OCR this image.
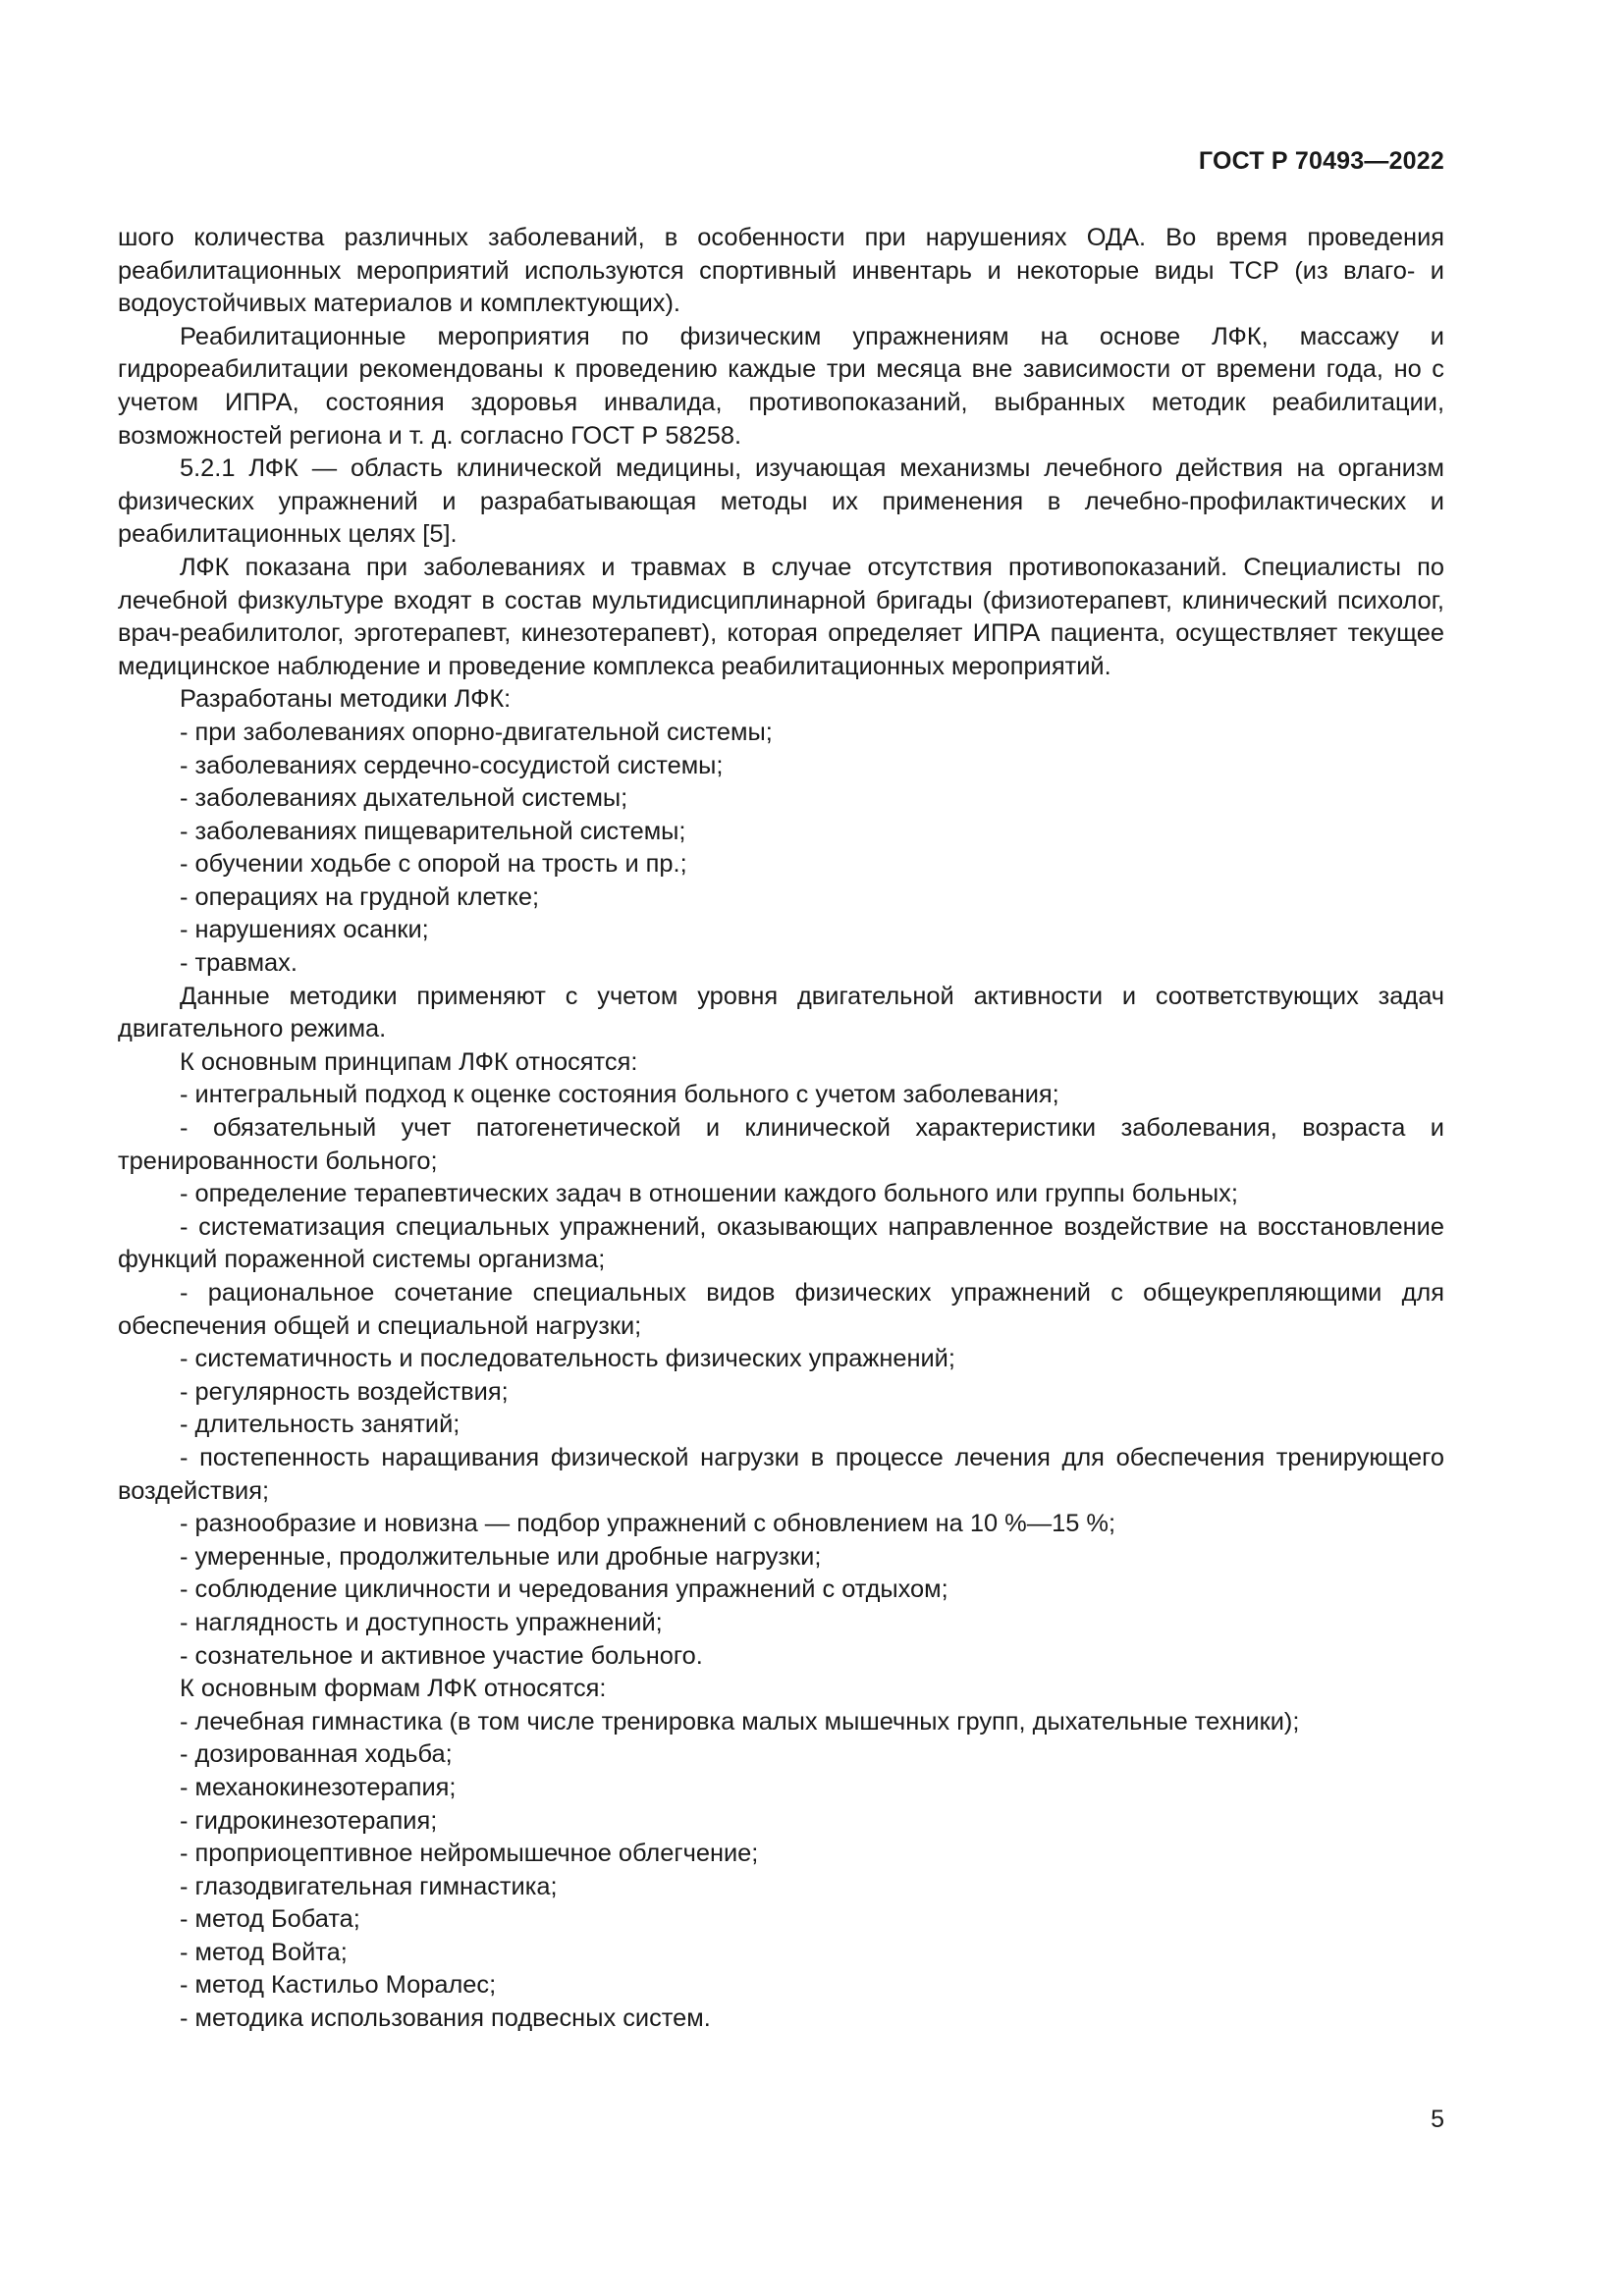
ГОСТ Р 70493—2022

шого количества различных заболеваний, в особенности при нарушениях ОДА. Во время проведения реабилитационных мероприятий используются спортивный инвентарь и некоторые виды ТСР (из влаго- и водоустойчивых материалов и комплектующих).

Реабилитационные мероприятия по физическим упражнениям на основе ЛФК, массажу и гидрореабилитации рекомендованы к проведению каждые три месяца вне зависимости от времени года, но с учетом ИПРА, состояния здоровья инвалида, противопоказаний, выбранных методик реабилитации, возможностей региона и т. д. согласно ГОСТ Р 58258.

5.2.1 ЛФК — область клинической медицины, изучающая механизмы лечебного действия на организм физических упражнений и разрабатывающая методы их применения в лечебно-профилактических и реабилитационных целях [5].

ЛФК показана при заболеваниях и травмах в случае отсутствия противопоказаний. Специалисты по лечебной физкультуре входят в состав мультидисциплинарной бригады (физиотерапевт, клинический психолог, врач-реабилитолог, эрготерапевт, кинезотерапевт), которая определяет ИПРА пациента, осуществляет текущее медицинское наблюдение и проведение комплекса реабилитационных мероприятий.

Разработаны методики ЛФК:

- при заболеваниях опорно-двигательной системы;

- заболеваниях сердечно-сосудистой системы;

- заболеваниях дыхательной системы;

- заболеваниях пищеварительной системы;

- обучении ходьбе с опорой на трость и пр.;

- операциях на грудной клетке;

- нарушениях осанки;

- травмах.

Данные методики применяют с учетом уровня двигательной активности и соответствующих задач двигательного режима.

К основным принципам ЛФК относятся:

- интегральный подход к оценке состояния больного с учетом заболевания;

- обязательный учет патогенетической и клинической характеристики заболевания, возраста и тренированности больного;

- определение терапевтических задач в отношении каждого больного или группы больных;

- систематизация специальных упражнений, оказывающих направленное воздействие на восстановление функций пораженной системы организма;

- рациональное сочетание специальных видов физических упражнений с общеукрепляющими для обеспечения общей и специальной нагрузки;

- систематичность и последовательность физических упражнений;

- регулярность воздействия;

- длительность занятий;

- постепенность наращивания физической нагрузки в процессе лечения для обеспечения тренирующего воздействия;

- разнообразие и новизна — подбор упражнений с обновлением на 10 %—15 %;

- умеренные, продолжительные или дробные нагрузки;

- соблюдение цикличности и чередования упражнений с отдыхом;

- наглядность и доступность упражнений;

- сознательное и активное участие больного.

К основным формам ЛФК относятся:

- лечебная гимнастика (в том числе тренировка малых мышечных групп, дыхательные техники);

- дозированная ходьба;

- механокинезотерапия;

- гидрокинезотерапия;

- проприоцептивное нейромышечное облегчение;

- глазодвигательная гимнастика;

- метод Бобата;

- метод Войта;

- метод Кастильо Моралес;

- методика использования подвесных систем.

5
